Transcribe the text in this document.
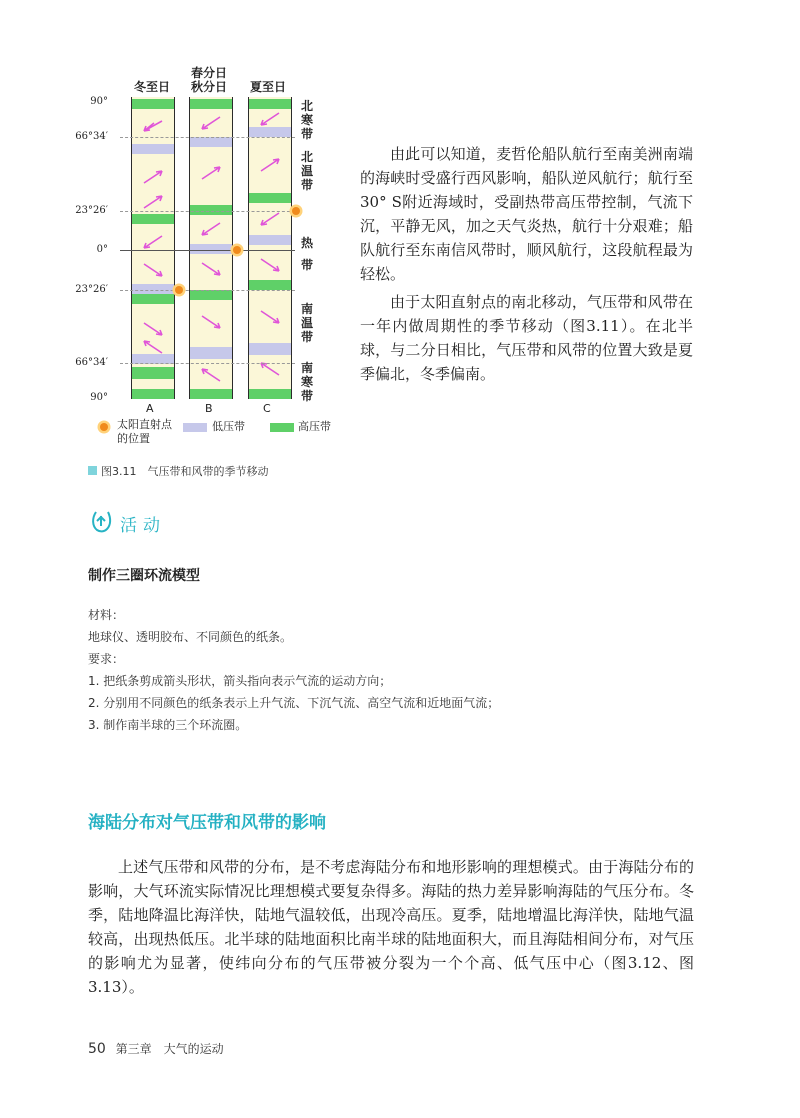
冬至日
春分日
秋分日	夏至日
90°
66°34′
23°26′
0°
23°26′
66°34′
90°
北寒带
北温带
热带
南温带
南寒带
A	B	C
太阳直射点的位置
低压带	高压带
图3.11　 气压带和风带的季节移动

由此可以知道，麦哲伦船队航行至南美洲南端的海峡时受盛行西风影响，船队逆风航行；航行至30° S附近海域时，受副热带高压带控制，气流下沉，平静无风，加之天气炎热，航行十分艰难；船队航行至东南信风带时，顺风航行，这段航程最为轻松。

由于太阳直射点的南北移动，气压带和风带在一年内做周期性的季节移动（图3.11）。在北半球，与二分日相比，气压带和风带的位置大致是夏季偏北，冬季偏南。

活动
制作三圈环流模型
材料：
地球仪、透明胶布、不同颜色的纸条。
要求：
1. 把纸条剪成箭头形状，箭头指向表示气流的运动方向；
2. 分别用不同颜色的纸条表示上升气流、下沉气流、高空气流和近地面气流；
3. 制作南半球的三个环流圈。
海陆分布对气压带和风带的影响

上述气压带和风带的分布，是不考虑海陆分布和地形影响的理想模式。由于海陆分布的影响，大气环流实际情况比理想模式要复杂得多。海陆的热力差异影响海陆的气压分布。冬季，陆地降温比海洋快，陆地气温较低，出现冷高压。夏季，陆地增温比海洋快，陆地气温较高，出现热低压。北半球的陆地面积比南半球的陆地面积大，而且海陆相间分布，对气压的影响尤为显著，使纬向分布的气压带被分裂为一个个高、低气压中心（图3.12、图3.13）。

50 第三章　大气的运动
